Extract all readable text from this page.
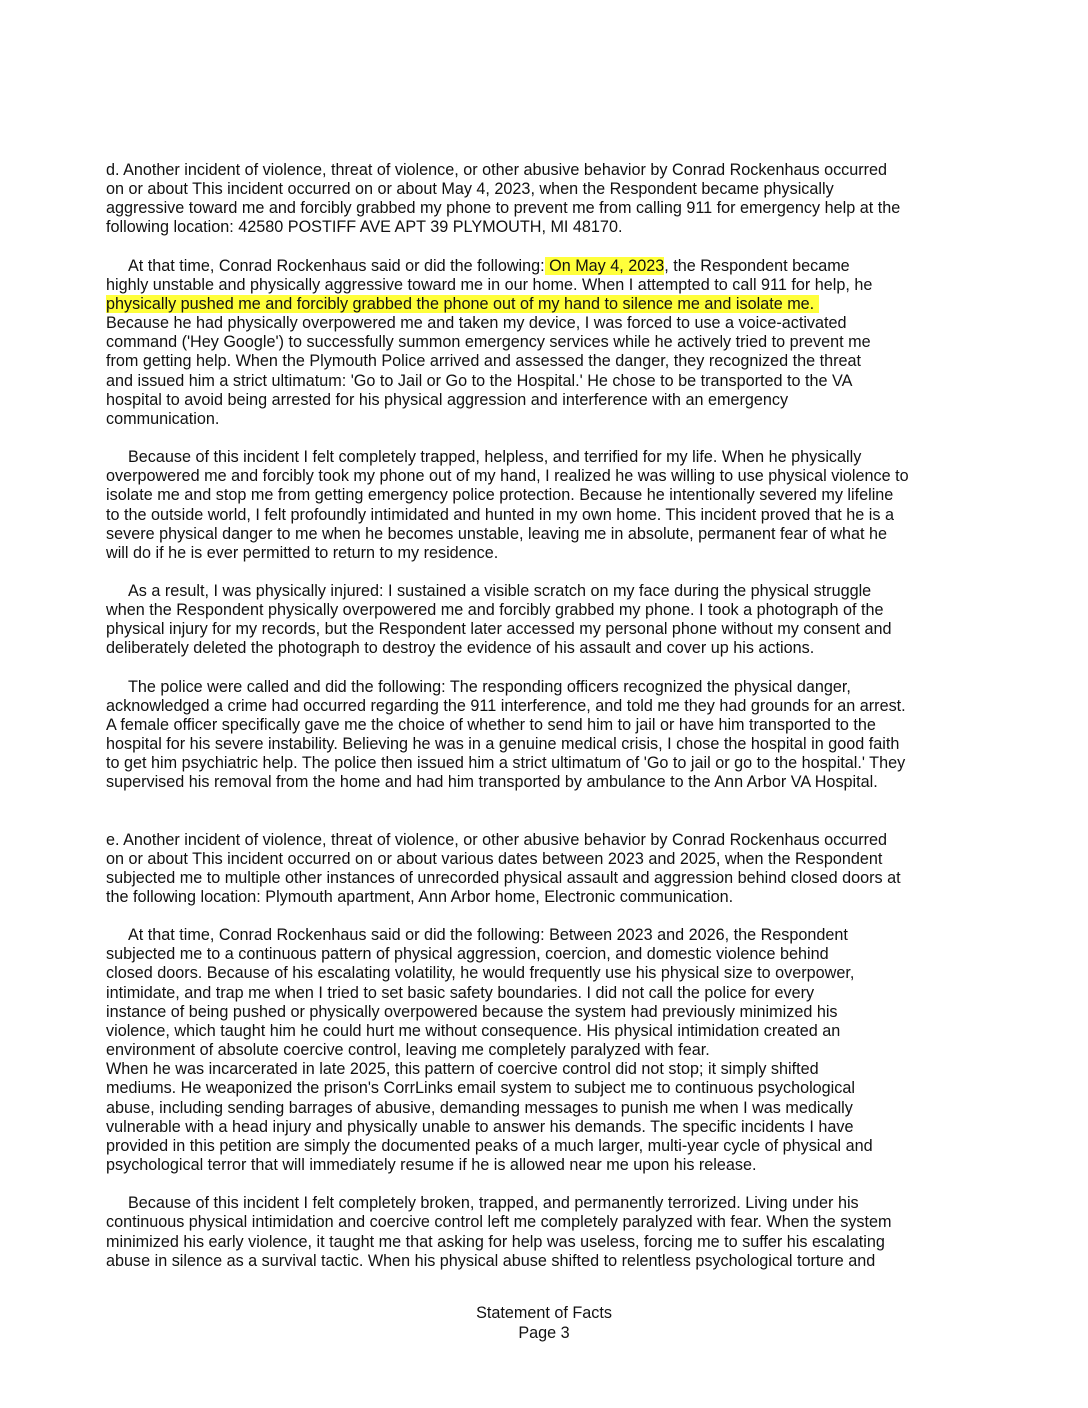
d. Another incident of violence, threat of violence, or other abusive behavior by Conrad Rockenhaus occurred
on or about This incident occurred on or about May 4, 2023, when the Respondent became physically
aggressive toward me and forcibly grabbed my phone to prevent me from calling 911 for emergency help at the
following location: 42580 POSTIFF AVE APT 39 PLYMOUTH, MI 48170.
At that time, Conrad Rockenhaus said or did the following: On May 4, 2023, the Respondent became
highly unstable and physically aggressive toward me in our home. When I attempted to call 911 for help, he
physically pushed me and forcibly grabbed the phone out of my hand to silence me and isolate me.
Because he had physically overpowered me and taken my device, I was forced to use a voice-activated
command ('Hey Google') to successfully summon emergency services while he actively tried to prevent me
from getting help. When the Plymouth Police arrived and assessed the danger, they recognized the threat
and issued him a strict ultimatum: 'Go to Jail or Go to the Hospital.' He chose to be transported to the VA
hospital to avoid being arrested for his physical aggression and interference with an emergency
communication.
Because of this incident I felt completely trapped, helpless, and terrified for my life. When he physically
overpowered me and forcibly took my phone out of my hand, I realized he was willing to use physical violence to
isolate me and stop me from getting emergency police protection. Because he intentionally severed my lifeline
to the outside world, I felt profoundly intimidated and hunted in my own home. This incident proved that he is a
severe physical danger to me when he becomes unstable, leaving me in absolute, permanent fear of what he
will do if he is ever permitted to return to my residence.
As a result, I was physically injured: I sustained a visible scratch on my face during the physical struggle
when the Respondent physically overpowered me and forcibly grabbed my phone. I took a photograph of the
physical injury for my records, but the Respondent later accessed my personal phone without my consent and
deliberately deleted the photograph to destroy the evidence of his assault and cover up his actions.
The police were called and did the following: The responding officers recognized the physical danger,
acknowledged a crime had occurred regarding the 911 interference, and told me they had grounds for an arrest.
A female officer specifically gave me the choice of whether to send him to jail or have him transported to the
hospital for his severe instability. Believing he was in a genuine medical crisis, I chose the hospital in good faith
to get him psychiatric help. The police then issued him a strict ultimatum of 'Go to jail or go to the hospital.' They
supervised his removal from the home and had him transported by ambulance to the Ann Arbor VA Hospital.
e. Another incident of violence, threat of violence, or other abusive behavior by Conrad Rockenhaus occurred
on or about This incident occurred on or about various dates between 2023 and 2025, when the Respondent
subjected me to multiple other instances of unrecorded physical assault and aggression behind closed doors at
the following location: Plymouth apartment, Ann Arbor home, Electronic communication.
At that time, Conrad Rockenhaus said or did the following: Between 2023 and 2026, the Respondent
subjected me to a continuous pattern of physical aggression, coercion, and domestic violence behind
closed doors. Because of his escalating volatility, he would frequently use his physical size to overpower,
intimidate, and trap me when I tried to set basic safety boundaries. I did not call the police for every
instance of being pushed or physically overpowered because the system had previously minimized his
violence, which taught him he could hurt me without consequence. His physical intimidation created an
environment of absolute coercive control, leaving me completely paralyzed with fear.
When he was incarcerated in late 2025, this pattern of coercive control did not stop; it simply shifted
mediums. He weaponized the prison's CorrLinks email system to subject me to continuous psychological
abuse, including sending barrages of abusive, demanding messages to punish me when I was medically
vulnerable with a head injury and physically unable to answer his demands. The specific incidents I have
provided in this petition are simply the documented peaks of a much larger, multi-year cycle of physical and
psychological terror that will immediately resume if he is allowed near me upon his release.
Because of this incident I felt completely broken, trapped, and permanently terrorized. Living under his
continuous physical intimidation and coercive control left me completely paralyzed with fear. When the system
minimized his early violence, it taught me that asking for help was useless, forcing me to suffer his escalating
abuse in silence as a survival tactic. When his physical abuse shifted to relentless psychological torture and
Statement of Facts
Page 3
